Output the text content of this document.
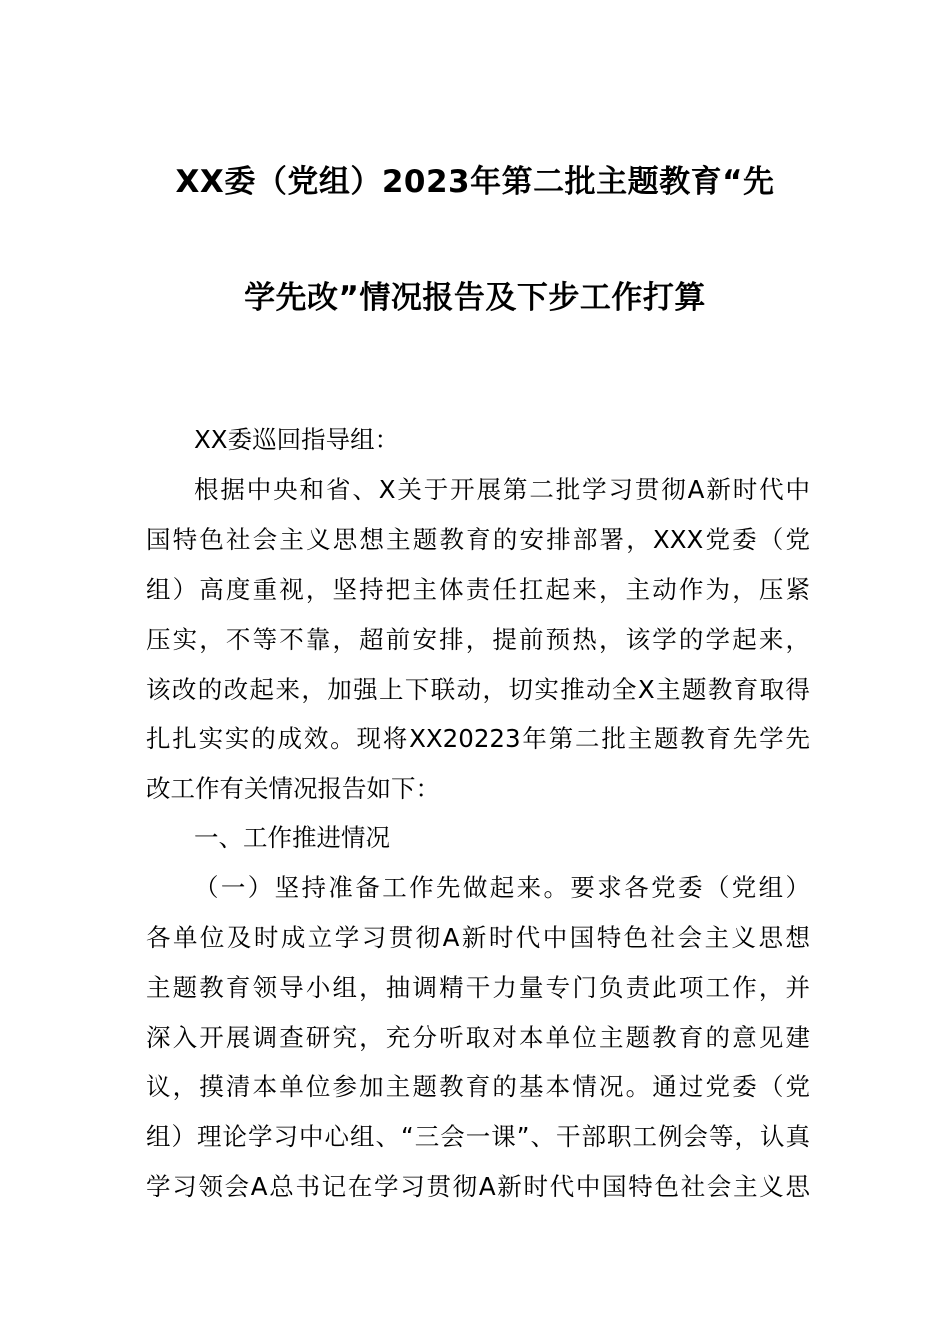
XX委（党组）2023年第二批主题教育“先
学先改”情况报告及下步工作打算
XX委巡回指导组：
根据中央和省、X关于开展第二批学习贯彻A新时代中
国特色社会主义思想主题教育的安排部署，XXX党委（党
组）高度重视，坚持把主体责任扛起来，主动作为，压紧
压实，不等不靠，超前安排，提前预热，该学的学起来，
该改的改起来，加强上下联动，切实推动全X主题教育取得
扎扎实实的成效。现将XX20223年第二批主题教育先学先
改工作有关情况报告如下：
一、工作推进情况
（一）坚持准备工作先做起来。要求各党委（党组）
各单位及时成立学习贯彻A新时代中国特色社会主义思想
主题教育领导小组，抽调精干力量专门负责此项工作，并
深入开展调查研究，充分听取对本单位主题教育的意见建
议，摸清本单位参加主题教育的基本情况。通过党委（党
组）理论学习中心组、“三会一课”、干部职工例会等，认真
学习领会A总书记在学习贯彻A新时代中国特色社会主义思
